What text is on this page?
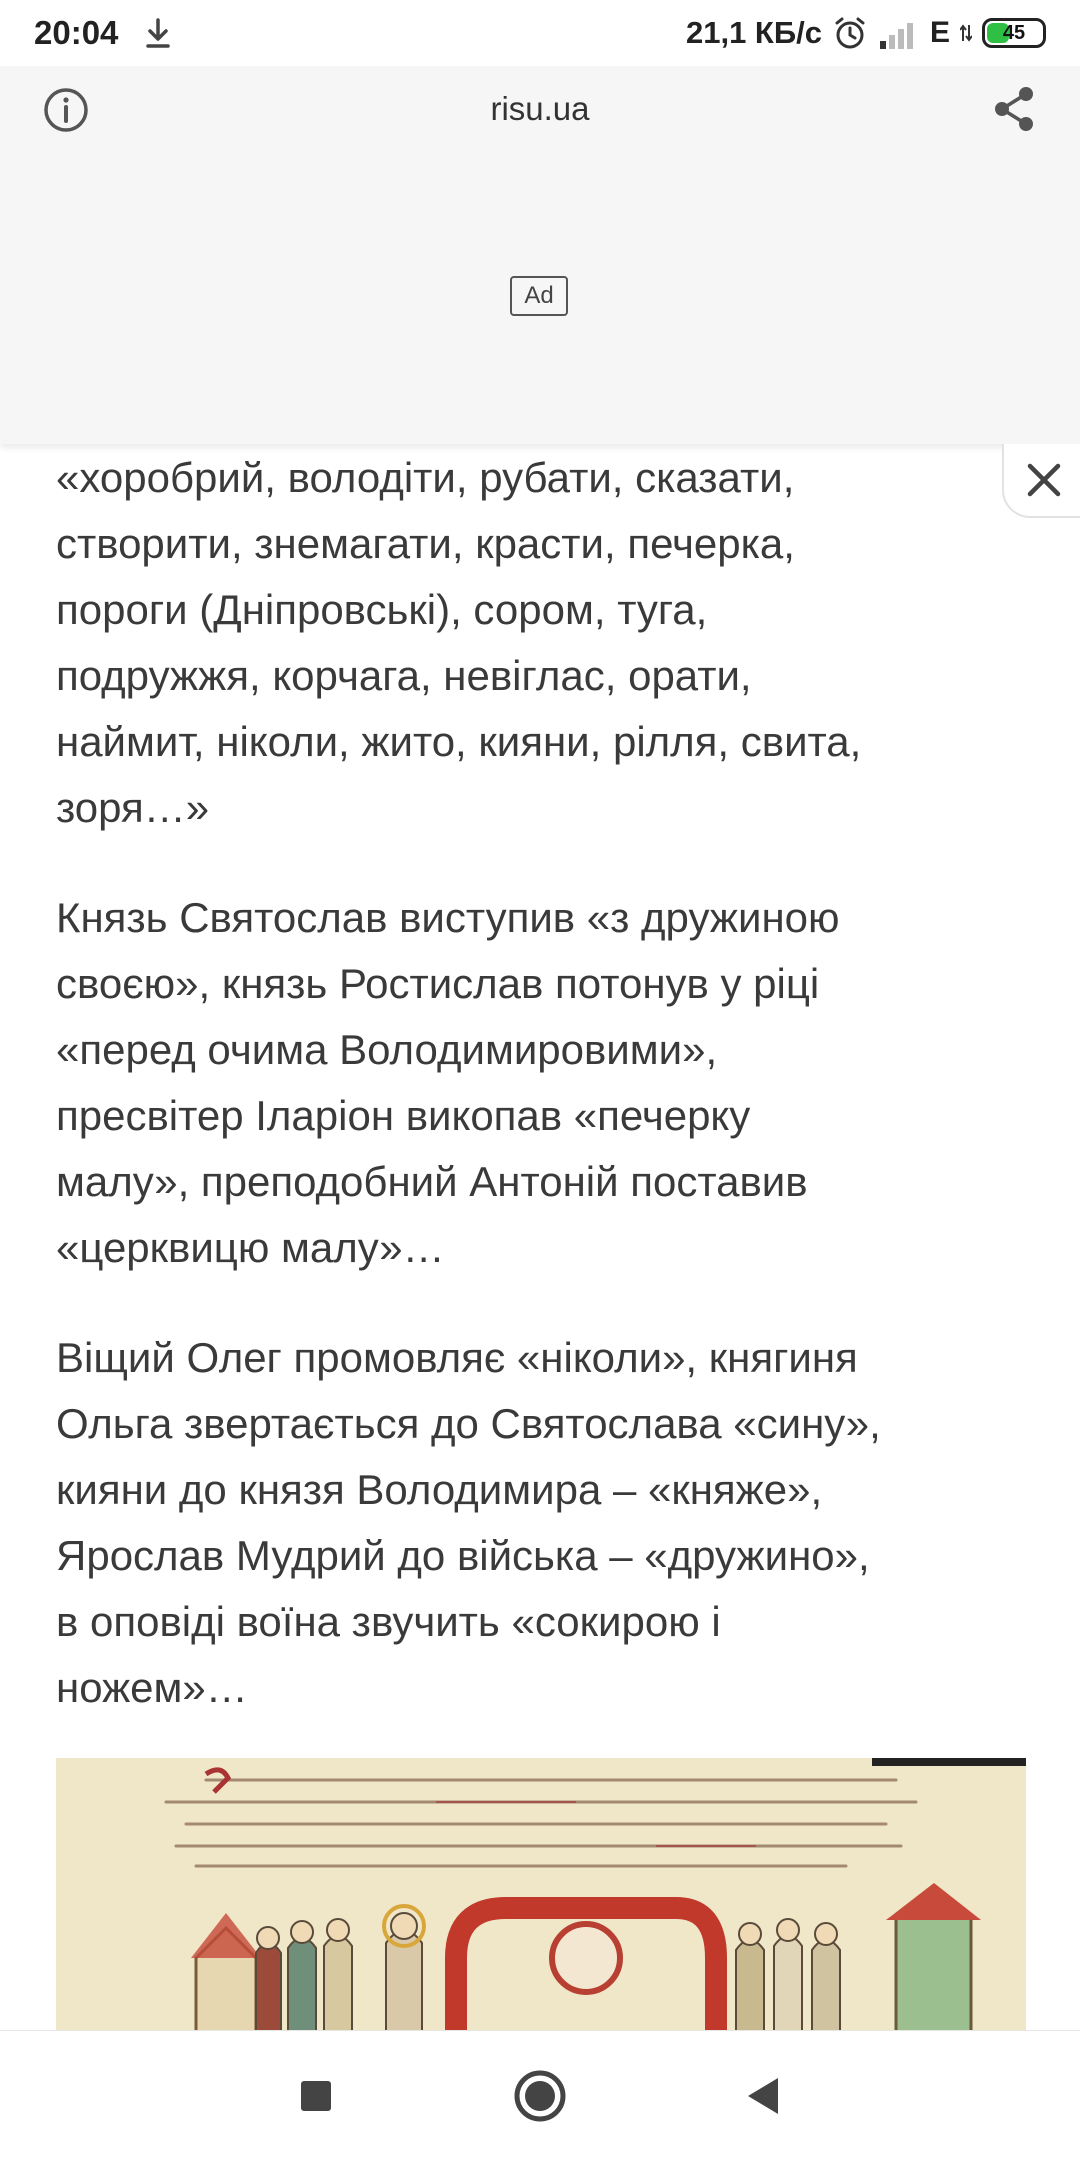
20:04	21,1 КБ/с	E	45
risu.ua
Ad

«хоробрий, володіти, рубати, сказати,
створити, знемагати, красти, печерка,
пороги (Дніпровські), сором, туга,
подружжя, корчага, невіглас, орати,
наймит, ніколи, жито, кияни, рілля, свита,
зоря…»

Князь Святослав виступив «з дружиною
своєю», князь Ростислав потонув у ріці
«перед очима Володимировими»,
пресвітер Іларіон викопав «печерку
малу», преподобний Антоній поставив
«церквицю малу»…

Віщий Олег промовляє «ніколи», княгиня
Ольга звертається до Святослава «сину»,
кияни до князя Володимира – «княже»,
Ярослав Мудрий до війська – «дружино»,
в оповіді воїна звучить «сокирою і
ножем»…
